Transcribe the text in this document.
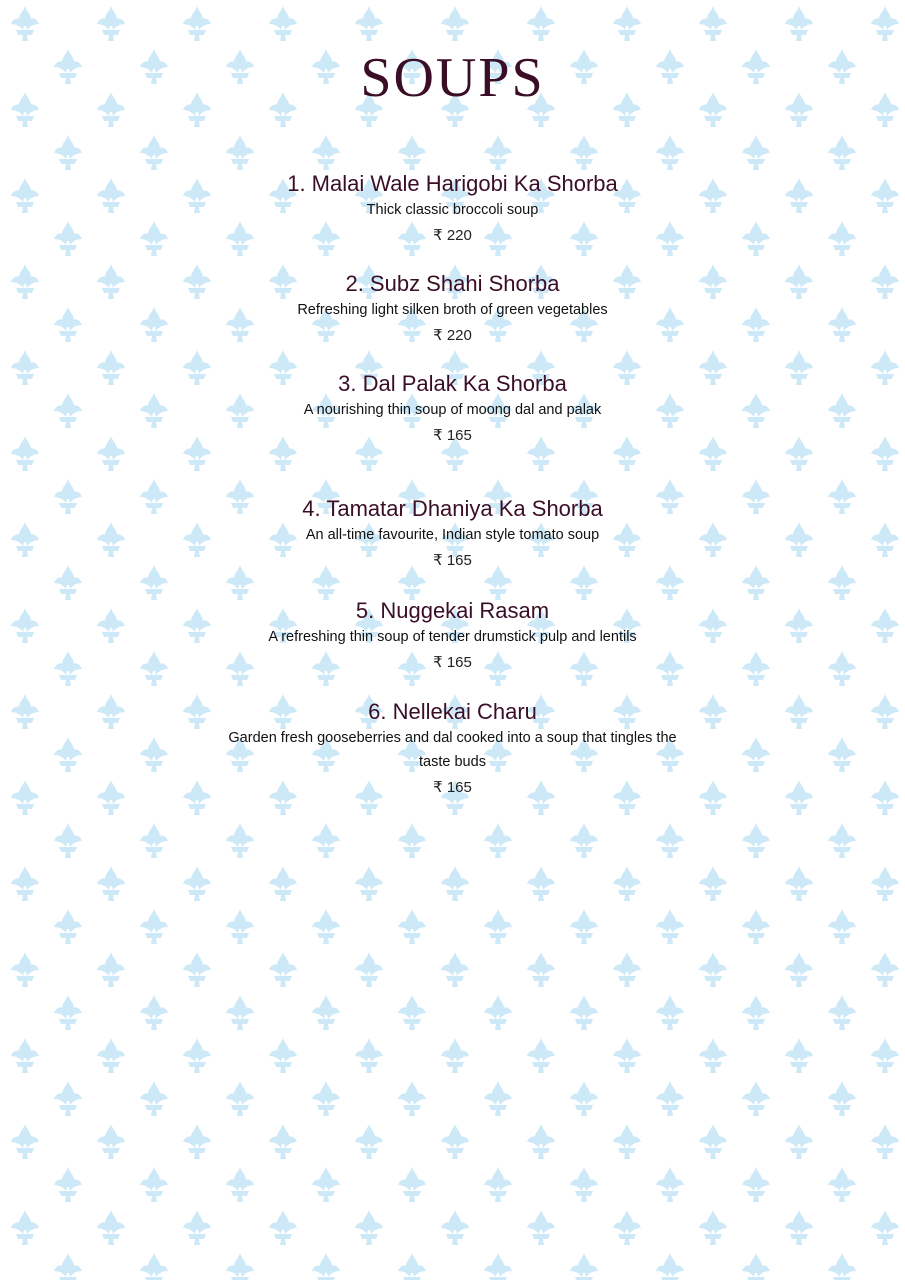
SOUPS
1. Malai Wale Harigobi Ka Shorba
Thick classic broccoli soup
₹ 220
2. Subz Shahi Shorba
Refreshing light silken broth of green vegetables
₹ 220
3. Dal Palak Ka Shorba
A nourishing thin soup of moong dal and palak
₹ 165
4. Tamatar Dhaniya Ka Shorba
An all-time favourite, Indian style tomato soup
₹ 165
5. Nuggekai Rasam
A refreshing thin soup of tender drumstick pulp and lentils
₹ 165
6. Nellekai Charu
Garden fresh gooseberries and dal cooked into a soup that tingles the taste buds
₹ 165
